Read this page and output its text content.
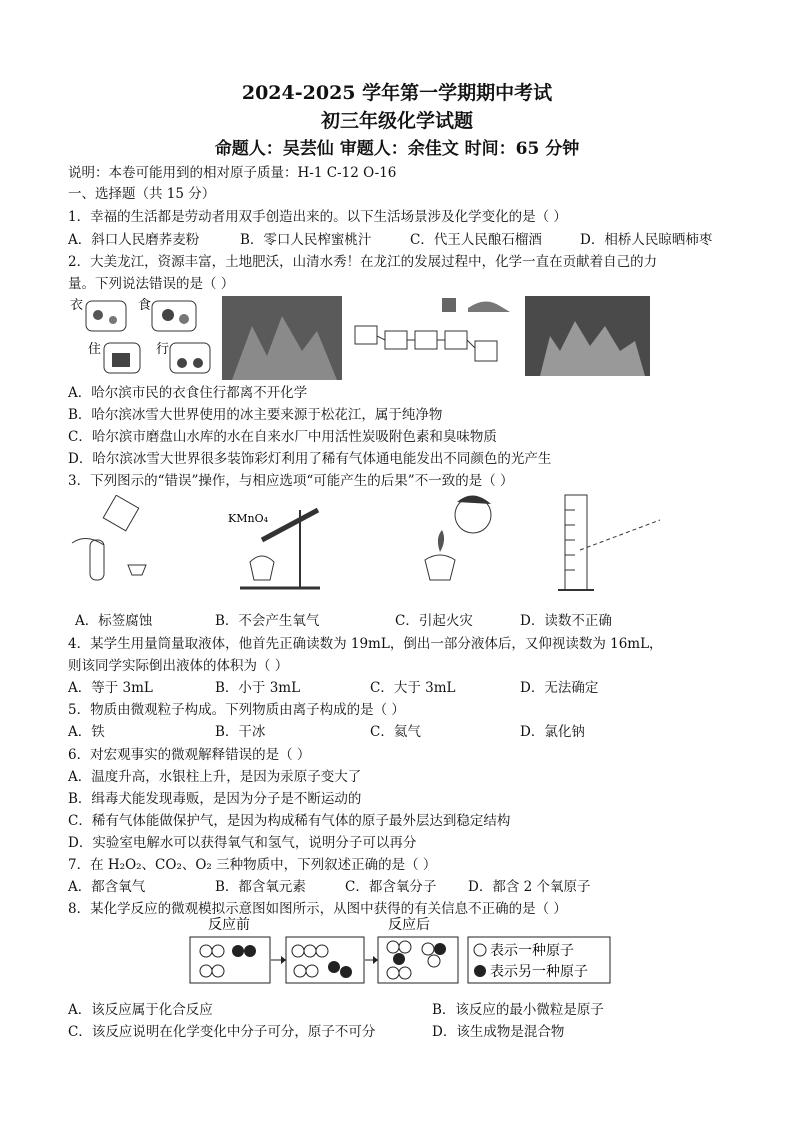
2024-2025 学年第一学期期中考试
初三年级化学试题
命题人：吴芸仙 审题人：余佳文 时间：65 分钟
说明：本卷可能用到的相对原子质量：H-1 C-12 O-16
一、选择题（共 15 分）
1．幸福的生活都是劳动者用双手创造出来的。以下生活场景涉及化学变化的是（ ）
A．斜口人民磨荞麦粉	B．零口人民榨蜜桃汁	C．代王人民酿石榴酒	D．相桥人民晾晒柿枣
2．大美龙江，资源丰富，土地肥沃，山清水秀！在龙江的发展过程中，化学一直在贡献着自己的力
量。下列说法错误的是（ ）
衣	食
住	行
A．哈尔滨市民的衣食住行都离不开化学
B．哈尔滨冰雪大世界使用的冰主要来源于松花江，属于纯净物
C．哈尔滨市磨盘山水库的水在自来水厂中用活性炭吸附色素和臭味物质
D．哈尔滨冰雪大世界很多装饰彩灯利用了稀有气体通电能发出不同颜色的光产生
3．下列图示的“错误”操作，与相应选项“可能产生的后果”不一致的是（ ）
KMnO₄
A．标签腐蚀	B．不会产生氧气	C．引起火灾	D．读数不正确
4．某学生用量筒量取液体，他首先正确读数为 19mL，倒出一部分液体后，又仰视读数为 16mL，
则该同学实际倒出液体的体积为（ ）
A．等于 3mL	B．小于 3mL	C．大于 3mL	D．无法确定
5．物质由微观粒子构成。下列物质由离子构成的是（ ）
A．铁	B．干冰	C．氦气	D．氯化钠
6．对宏观事实的微观解释错误的是（ ）
A．温度升高，水银柱上升，是因为汞原子变大了
B．缉毒犬能发现毒贩，是因为分子是不断运动的
C．稀有气体能做保护气，是因为构成稀有气体的原子最外层达到稳定结构
D．实验室电解水可以获得氧气和氢气，说明分子可以再分
7．在 H₂O₂、CO₂、O₂ 三种物质中，下列叙述正确的是（ ）
A．都含氧气	B．都含氧元素	C．都含氧分子 D．都含 2 个氧原子
8．某化学反应的微观模拟示意图如图所示，从图中获得的有关信息不正确的是（ ）
反应前	反应后
表示一种原子
表示另一种原子
A．该反应属于化合反应	B．该反应的最小微粒是原子
C．该反应说明在化学变化中分子可分，原子不可分	D．该生成物是混合物
